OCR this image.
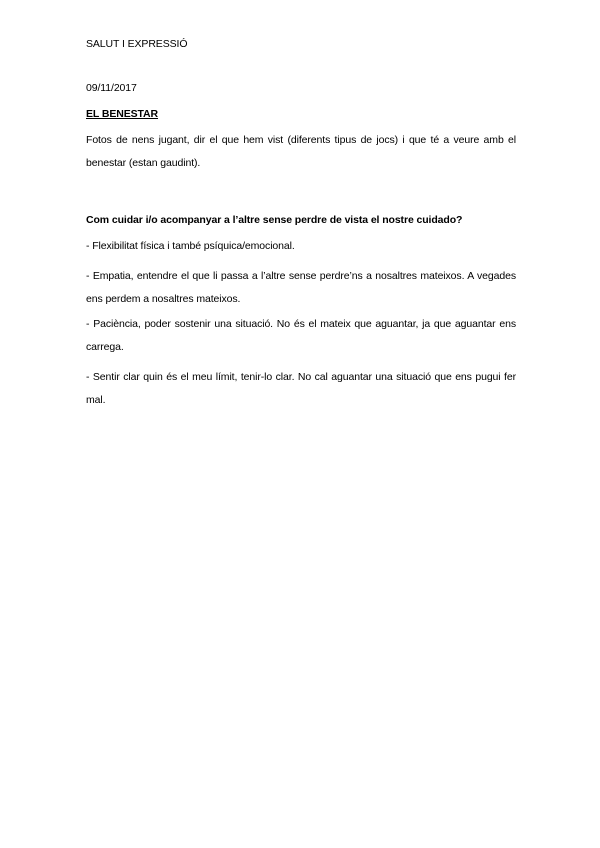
SALUT I EXPRESSIÓ
09/11/2017
EL BENESTAR
Fotos de nens jugant, dir el que hem vist (diferents tipus de jocs) i que té a veure amb el benestar (estan gaudint).
Com cuidar i/o acompanyar a l’altre sense perdre de vista el nostre cuidado?
- Flexibilitat física i també psíquica/emocional.
- Empatia, entendre el que li passa a l’altre sense perdre’ns a nosaltres mateixos. A vegades ens perdem a nosaltres mateixos.
- Paciència, poder sostenir una situació. No és el mateix que aguantar, ja que aguantar ens carrega.
- Sentir clar quin és el meu límit, tenir-lo clar. No cal aguantar una situació que ens pugui fer mal.
